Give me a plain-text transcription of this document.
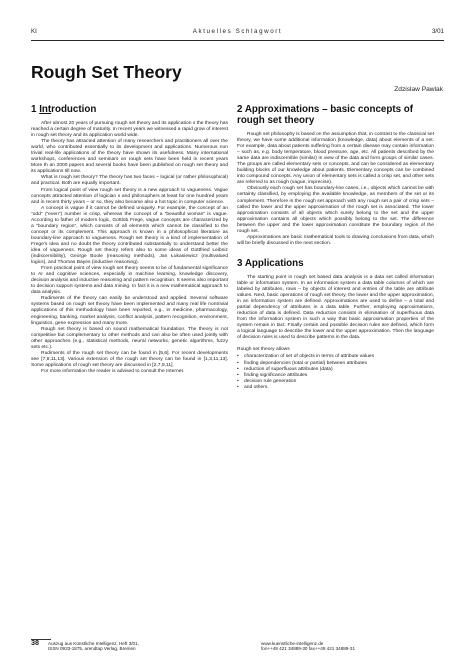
KI	Aktuelles Schlagwort	3/01
Rough Set Theory
Zdzislaw Pawlak
1 Introduction

After almost 20 years of pursuing rough set theory and its application s the theory has reached a certain degree of maturity. In recent years we witnessed a rapid grow of interest in rough set theory and its application world wide.

The theory has attracted attention of many researchers and practitioners all over the world, who contributed essentially to its development and applications. Numerous non trivial real-life applications of the theory have shown its usefulness. Many international workshops, conferences and seminars on rough sets have been held in recent years More th an 2000 papers and several books have been published on rough set theory and its applications till now.

What is rough set theory? The theory has two faces – logical (or rather philosophical) and practical. Both are equally important.

From logical point of view rough set theory is a new approach to vagueness. Vague concepts attracted attention of logician s and philosophers at least for one hundred years and in recent thirty years – or so, they also became also a hot topic in computer science.

A concept is vague if it cannot be defined uniquely. For example, the concept of an “odd” (“even”) number is crisp, whereas the concept of a “beautiful woman” is vague. According to father of modern logic, Gottlob Frege, vague concepts are characterized by a “boundary region”, which consists of all elements which cannot be classified to the concept or its complement. This approach is known in a philosophical literature as boundary-line approach to vagueness. Rough set theory is a kind of implementation of Frege's idea and no doubt the theory contributed substantially to understand better the idea of vagueness. Rough set theory refers also to some ideas of Gottfried Leibniz (indiscernibility), George Boole (reasoning methods), Jan Łukasiewicz (multivalued logics), and Thomas Bayes (inductive reasoning).

From practical point of view rough set theory seems to be of fundamental significance to AI and cognitive sciences, especially in machine learning, knowledge discovery, decision analysis and inductive reasoning and pattern recognition. It seems also important to decision support systems and data mining. In fact it is a new mathematical approach to data analysis.

Rudiments of the theory can easily be understood and applied. Several software systems based on rough set theory have been implemented and many real life nontrivial applications of this methodology have been reported, e.g., in medicine, pharmacology, engineering, banking, market analysis, conflict analysis, pattern recognition, environment, linguistics, gene expression and many more.

Rough set theory is based on sound mathematical foundation. The theory is not competitive but complementary to other methods and can also be often used jointly with other approaches (e.g., statistical methods, neural networks, genetic algorithms, fuzzy sets etc.).

Rudiments of the rough set theory can be found in [5,6]. For recent developments see [7,8,11,13]. Various extension of the rough set theory can be found in [1,3,11,13]. Some applications of rough set theory are discussed in [2,7,9,11].

For more information the reader is advised to consult the Internet.

2 Approximations – basic concepts of rough set theory

Rough set philosophy is based on the assumption that, in contrast to the classical set theory, we have some additional information (knowledge, data) about elements of a set. For example, data about patients suffering from a certain disease may contain information – such as, e.g. body temperature, blood pressure, age, etc. All patients described by the same data are indiscernible (similar) in view of the data and form groups of similar cases. The groups are called elementary sets or concepts, and can be considered as elementary building blocks of our knowledge about patients. Elementary concepts can be combined into compound concepts. Any union of elementary sets is called a crisp set, and other sets are referred to as rough (vague, imprecise).

Obviously each rough set has boundary-line cases, i.e., objects which cannot be with certainty classified, by employing the available knowledge, as members of the set or its complement. Therefore in the rough set approach with any rough set a pair of crisp sets – called the lower and the upper approximation of the rough set is associated. The lower approximation consists of all objects which surely belong to the set and the upper approximation contains all objects which possibly belong to the set. The difference between the upper and the lower approximation constitute the boundary region of the rough set.

Approximations are basic mathematical tools to drawing conclusions from data, which will be briefly discussed in the next section.

3 Applications

The starting point in rough set based data analysis is a data set called information table or information system. In an information system a data table columns of which are labeled by attributes, rows – by objects of interest and entries of the table are attribute values. Next, basic operations of rough set theory, the lower and the upper approximation, in an information system are defined. Approximations are used to define – a total and partial dependency of attributes in a data table. Further, employing approximations, reduction of data is defined. Data reduction consists in elimination of superfluous data from the information system in such a way that basic approximation properties of the system remain in tact. Finally certain and possible decision rules are defined, which form a logical language to describe the lower and the upper approximation. Then the language of decision rules is used to describe patterns in the data.

Rough set theory allows
• characterization of set of objects in terms of attribute values
• finding dependencies (total or partial) between attributes
• reduction of superfluous attributes (data)
• finding significance attributes
• decision rule generation
• and others.
38 Auszug aus Künstliche Intelligenz, Heft 3/01,
ISSN 0933-1875, arendtap Verlag, Bremen
www.kuenstliche-intelligenz.de
fon++49 421 34889-30 fax++49 421 34889-31
